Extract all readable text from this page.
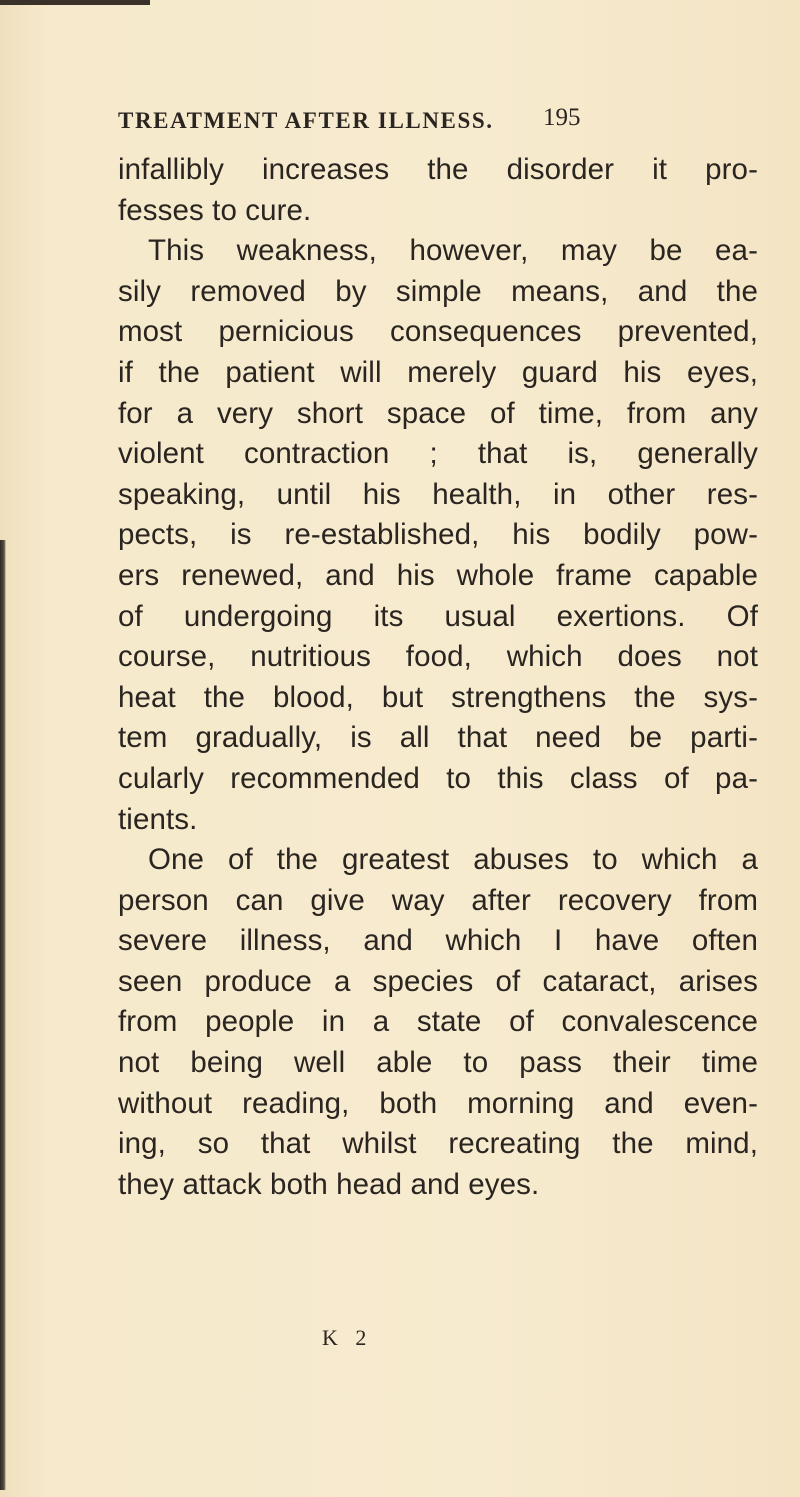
TREATMENT AFTER ILLNESS. 195
infallibly increases the disorder it pro-
fesses to cure.
This weakness, however, may be ea-
sily removed by simple means, and the
most pernicious consequences prevented,
if the patient will merely guard his eyes,
for a very short space of time, from any
violent contraction ; that is, generally
speaking, until his health, in other res-
pects, is re-established, his bodily pow-
ers renewed, and his whole frame capable
of undergoing its usual exertions. Of
course, nutritious food, which does not
heat the blood, but strengthens the sys-
tem gradually, is all that need be parti-
cularly recommended to this class of pa-
tients.
One of the greatest abuses to which a
person can give way after recovery from
severe illness, and which I have often
seen produce a species of cataract, arises
from people in a state of convalescence
not being well able to pass their time
without reading, both morning and even-
ing, so that whilst recreating the mind,
they attack both head and eyes.
K 2
